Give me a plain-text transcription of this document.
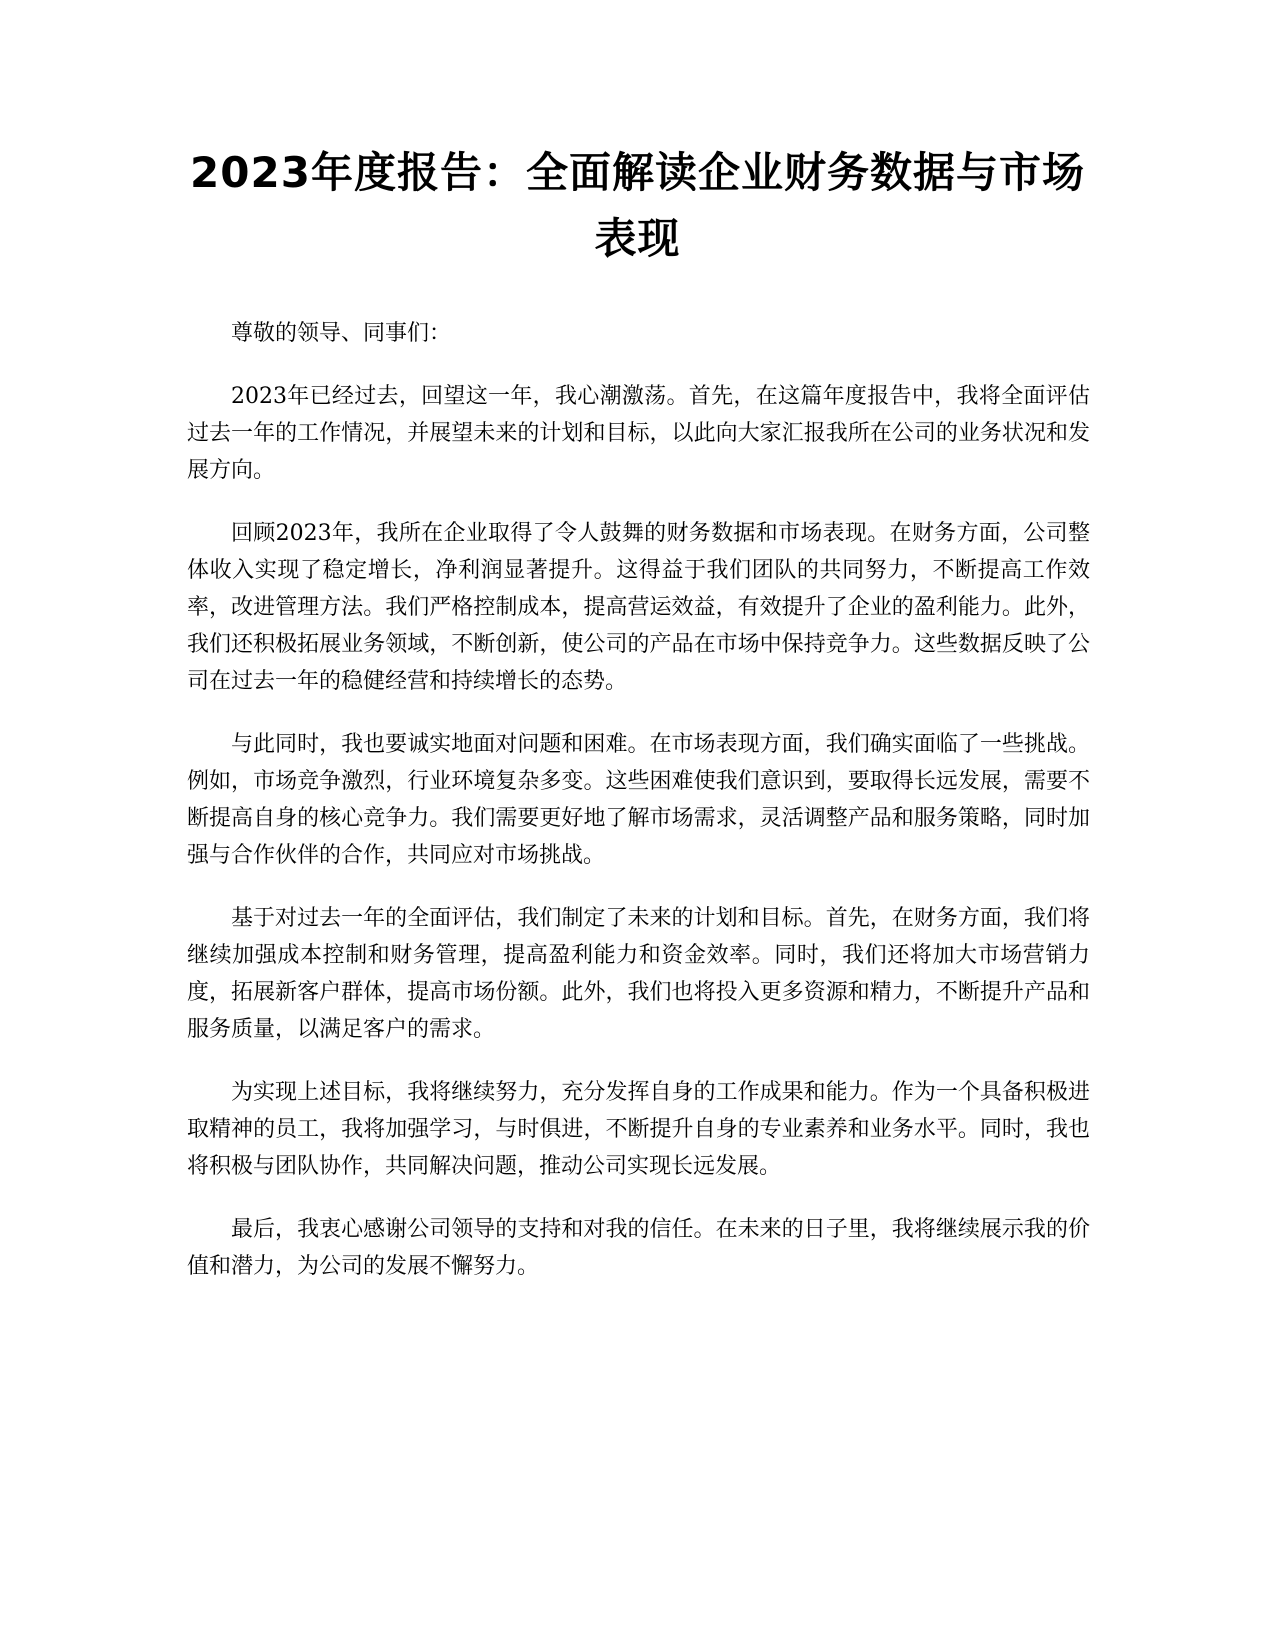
2023年度报告：全面解读企业财务数据与市场表现

尊敬的领导、同事们：

2023年已经过去，回望这一年，我心潮激荡。首先，在这篇年度报告中，我将全面评估过去一年的工作情况，并展望未来的计划和目标，以此向大家汇报我所在公司的业务状况和发展方向。

回顾2023年，我所在企业取得了令人鼓舞的财务数据和市场表现。在财务方面，公司整体收入实现了稳定增长，净利润显著提升。这得益于我们团队的共同努力，不断提高工作效率，改进管理方法。我们严格控制成本，提高营运效益，有效提升了企业的盈利能力。此外，我们还积极拓展业务领域，不断创新，使公司的产品在市场中保持竞争力。这些数据反映了公司在过去一年的稳健经营和持续增长的态势。

与此同时，我也要诚实地面对问题和困难。在市场表现方面，我们确实面临了一些挑战。例如，市场竞争激烈，行业环境复杂多变。这些困难使我们意识到，要取得长远发展，需要不断提高自身的核心竞争力。我们需要更好地了解市场需求，灵活调整产品和服务策略，同时加强与合作伙伴的合作，共同应对市场挑战。

基于对过去一年的全面评估，我们制定了未来的计划和目标。首先，在财务方面，我们将继续加强成本控制和财务管理，提高盈利能力和资金效率。同时，我们还将加大市场营销力度，拓展新客户群体，提高市场份额。此外，我们也将投入更多资源和精力，不断提升产品和服务质量，以满足客户的需求。

为实现上述目标，我将继续努力，充分发挥自身的工作成果和能力。作为一个具备积极进取精神的员工，我将加强学习，与时俱进，不断提升自身的专业素养和业务水平。同时，我也将积极与团队协作，共同解决问题，推动公司实现长远发展。

最后，我衷心感谢公司领导的支持和对我的信任。在未来的日子里，我将继续展示我的价值和潜力，为公司的发展不懈努力。
